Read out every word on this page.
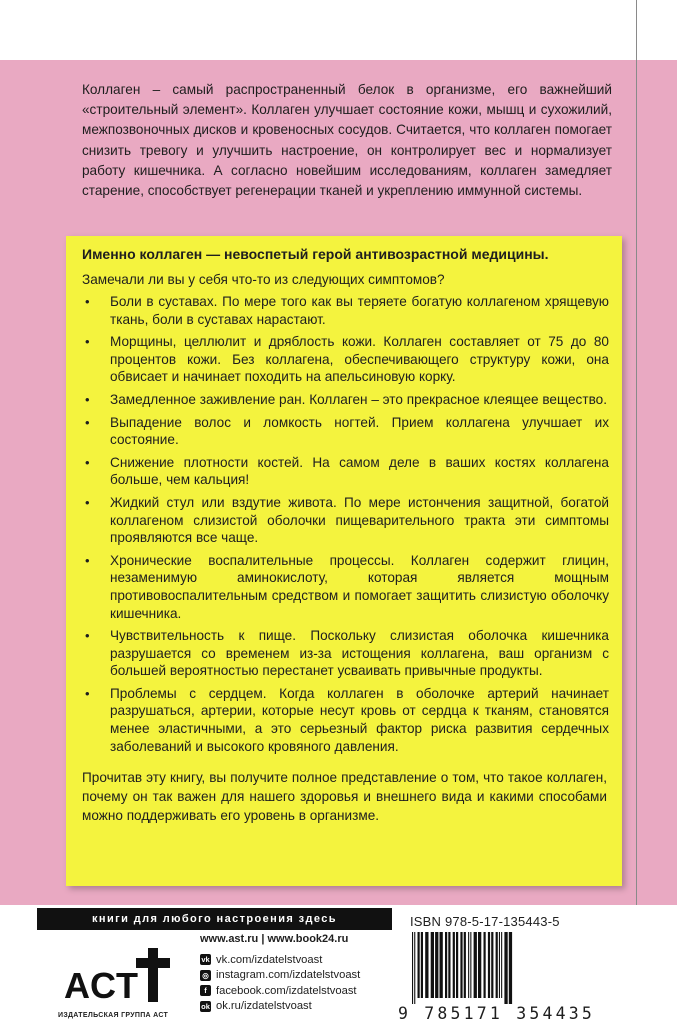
Коллаген – самый распространенный белок в организме, его важнейший «строительный элемент». Коллаген улучшает состояние кожи, мышц и сухожилий, межпозвоночных дисков и кровеносных сосудов. Считается, что коллаген помогает снизить тревогу и улучшить настроение, он контролирует вес и нормализует работу кишечника. А согласно новейшим исследованиям, коллаген замедляет старение, способствует регенерации тканей и укреплению иммунной системы.

Именно коллаген — невоспетый герой антивозрастной медицины.

Замечали ли вы у себя что-то из следующих симптомов?

• Боли в суставах. По мере того как вы теряете богатую коллагеном хрящевую ткань, боли в суставах нарастают.
• Морщины, целлюлит и дряблость кожи. Коллаген составляет от 75 до 80 процентов кожи. Без коллагена, обеспечивающего структуру кожи, она обвисает и начинает походить на апельсиновую корку.
• Замедленное заживление ран. Коллаген – это прекрасное клеящее вещество.
• Выпадение волос и ломкость ногтей. Прием коллагена улучшает их состояние.
• Снижение плотности костей. На самом деле в ваших костях коллагена больше, чем кальция!
• Жидкий стул или вздутие живота. По мере истончения защитной, богатой коллагеном слизистой оболочки пищеварительного тракта эти симптомы проявляются все чаще.
• Хронические воспалительные процессы. Коллаген содержит глицин, незаменимую аминокислоту, которая является мощным противовоспалительным средством и помогает защитить слизистую оболочку кишечника.
• Чувствительность к пище. Поскольку слизистая оболочка кишечника разрушается со временем из-за истощения коллагена, ваш организм с большей вероятностью перестанет усваивать привычные продукты.
• Проблемы с сердцем. Когда коллаген в оболочке артерий начинает разрушаться, артерии, которые несут кровь от сердца к тканям, становятся менее эластичными, а это серьезный фактор риска развития сердечных заболеваний и высокого кровяного давления.

Прочитав эту книгу, вы получите полное представление о том, что такое коллаген, почему он так важен для нашего здоровья и внешнего вида и какими способами можно поддерживать его уровень в организме.

книги для любого настроения здесь
ACT
ИЗДАТЕЛЬСКАЯ ГРУППА АСТ
www.ast.ru | www.book24.ru
vk vk.com/izdatelstvoast
◎ instagram.com/izdatelstvoast
f facebook.com/izdatelstvoast
ok ok.ru/izdatelstvoast
ISBN 978-5-17-135443-5
9 785171 354435
